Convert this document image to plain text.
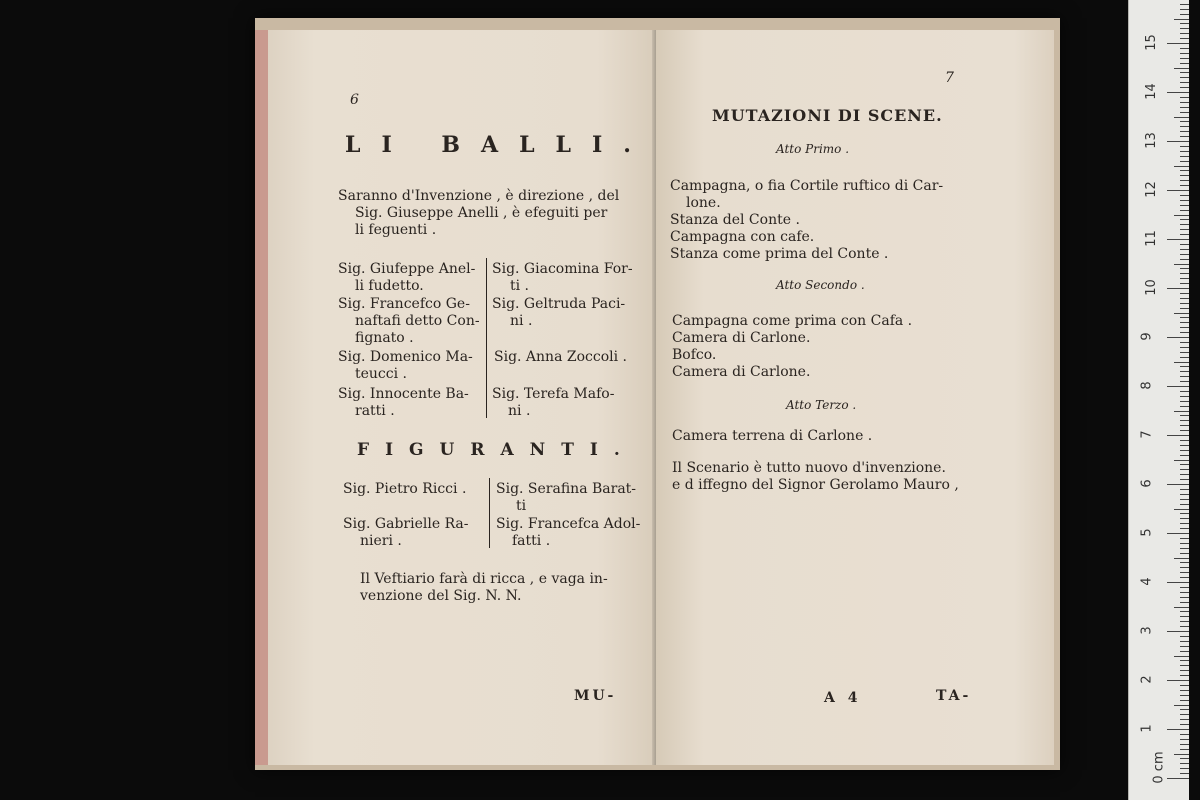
6
LI BALLI.
Saranno d'Invenzione , è direzione , del
Sig. Giuseppe Anelli , è efeguiti per
li feguenti .
Sig. Giufeppe Anel-
li fudetto.
Sig. Giacomina For-
ti .
Sig. Francefco Ge-
naftafi detto Con-
fignato .
Sig. Geltruda Paci-
ni .
Sig. Domenico Ma-
teucci .
Sig. Anna Zoccoli .
Sig. Innocente Ba-
ratti .
Sig. Terefa Mafo-
ni .
FIGURANTI.
Sig. Pietro Ricci . Sig. Serafina Barat-
ti
Sig. Gabrielle Ra-
nieri .
Sig. Francefca Adol-
fatti .
Il Veftiario farà di ricca , e vaga in-
venzione del Sig. N. N.
MU-
7
MUTAZIONI DI SCENE.
Atto Primo .
Campagna, o fia Cortile ruftico di Car-
lone.
Stanza del Conte .
Campagna con cafe.
Stanza come prima del Conte .
Atto Secondo .
Campagna come prima con Cafa .
Camera di Carlone.
Bofco.
Camera di Carlone.
Atto Terzo .
Camera terrena di Carlone .
Il Scenario è tutto nuovo d'invenzione.
e d iffegno del Signor Gerolamo Mauro ,
A 4	TA-
0 cm
1
2
3
4
5
6
7
8
9
10
11
12
13
14
15
